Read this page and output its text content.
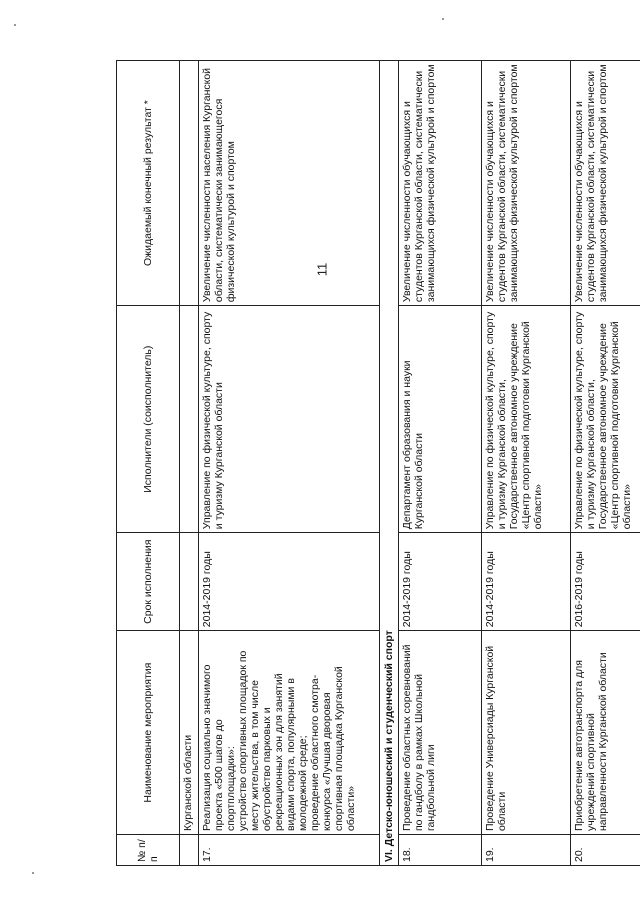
11
№ п/п	Наименование мероприятия	Срок исполнения	Исполнители (соисполнитель)	Ожидаемый конечный результат *
	Курганской области			
17.	Реализация социально значимого проекта «500 шагов до спортплощадки»:
устройство спортивных площадок по месту жительства, в том числе обустройство парковых и рекреационных зон для занятий видами спорта, популярными в молодежной среде;
проведение областного смотра-конкурса «Лучшая дворовая спортивная площадка Курганской области»	2014-2019 годы	Управление по физической культуре, спорту и туризму Курганской области	Увеличение численности населения Курганской области, систематически занимающегося физической культурой и спортом
VI. Детско-юношеский и студенческий спорт				
18.	Проведение областных соревнований по гандболу в рамках Школьной гандбольной лиги	2014-2019 годы	Департамент образования и науки Курганской области	Увеличение численности обучающихся и студентов Курганской области, систематически занимающихся физической культурой и спортом
19.	Проведение Универсиады Курганской области	2014-2019 годы	Управление по физической культуре, спорту и туризму Курганской области, Государственное автономное учреждение «Центр спортивной подготовки Курганской области»	Увеличение численности обучающихся и студентов Курганской области, систематически занимающихся физической культурой и спортом
20.	Приобретение автотранспорта для учреждений спортивной направленности Курганской области	2016-2019 годы	Управление по физической культуре, спорту и туризму Курганской области, Государственное автономное учреждение «Центр спортивной подготовки Курганской области»	Увеличение численности обучающихся и студентов Курганской области, систематически занимающихся физической культурой и спортом
